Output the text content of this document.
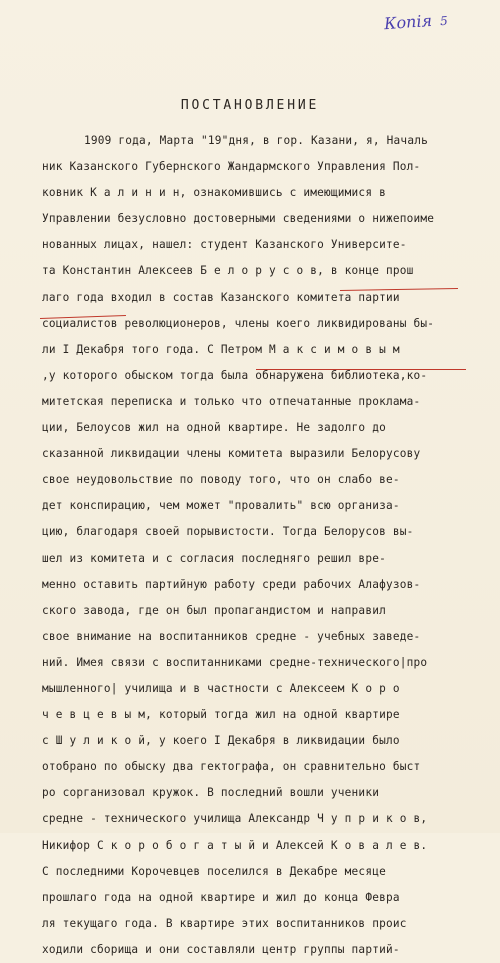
Копія 5
ПОСТАНОВЛЕНИЕ
1909 года, Марта "19"дня, в гор. Казани, я, Началь
ник Казанского Губернского Жандармского Управления Пол-
ковник К а л и н и н, ознакомившись с имеющимися в
Управлении безусловно достоверными сведениями о нижепоиме
нованных лицах, нашел: студент Казанского Университе-
та Константин Алексеев Б е л о р у с о в, в конце прош
лаго года входил в состав Казанского комитета партии
социалистов революционеров, члены коего ликвидированы бы-
ли I Декабря того года. С Петром М а к с и м о в ы м
,у которого обыском тогда была обнаружена библиотека,ко-
митетская переписка и только что отпечатанные проклама-
ции, Белоусов жил на одной квартире. Не задолго до
сказанной ликвидации члены комитета выразили Белорусову
свое неудовольствие по поводу того, что он слабо ве-
дет конспирацию, чем может "провалить" всю организа-
цию, благодаря своей порывистости. Тогда Белорусов вы-
шел из комитета и с согласия последняго решил вре-
менно оставить партийную работу среди рабочих Алафузов-
ского завода, где он был пропагандистом и направил
свое внимание на воспитанников средне - учебных заведе-
ний. Имея связи с воспитанниками средне-технического|про
мышленного| училища и в частности с Алексеем К о р о
ч е в ц е в ы м, который тогда жил на одной квартире
с Ш у л и к о й, у коего I Декабря в ликвидации было
отобрано по обыску два гектографа, он сравнительно быст
ро сорганизовал кружок. В последний вошли ученики
средне - технического училища Александр Ч у п р и к о в,
Никифор С к о р о б о г а т ы й и Алексей К о в а л е в.
С последними Корочевцев поселился в Декабре месяце
прошлаго года на одной квартире и жил до концa Февра
ля текущаго года. В квартире этих воспитанников проис
ходили сборища и они составляли центр группы партий-
